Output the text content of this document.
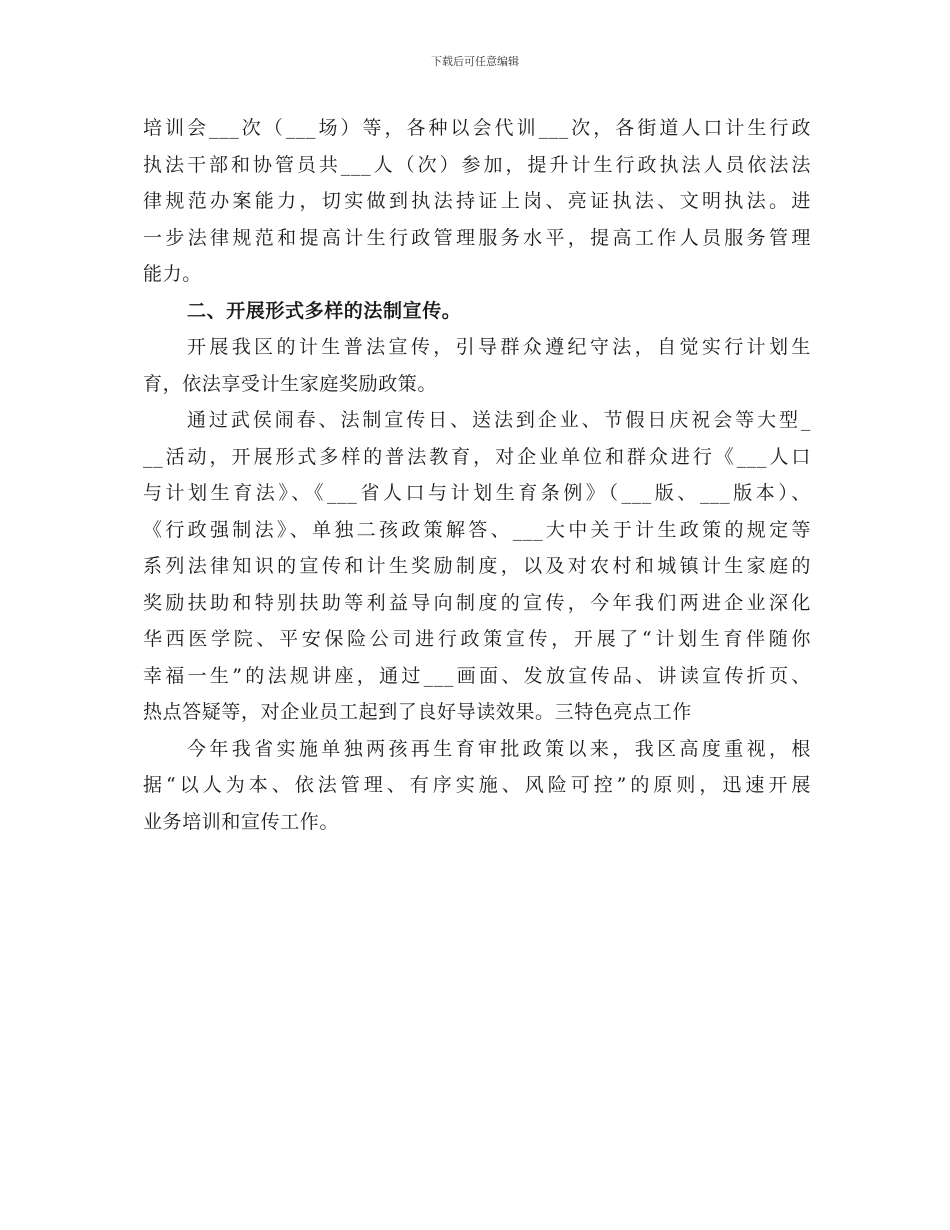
下载后可任意编辑
培训会___次（___场）等，各种以会代训___次，各街道人口计生行政
执法干部和协管员共___人（次）参加，提升计生行政执法人员依法法
律规范办案能力，切实做到执法持证上岗、亮证执法、文明执法。进
一步法律规范和提高计生行政管理服务水平，提高工作人员服务管理
能力。
二、开展形式多样的法制宣传。
开展我区的计生普法宣传，引导群众遵纪守法，自觉实行计划生
育，依法享受计生家庭奖励政策。
通过武侯闹春、法制宣传日、送法到企业、节假日庆祝会等大型_
__活动，开展形式多样的普法教育，对企业单位和群众进行《___人口
与计划生育法》、《___省人口与计划生育条例》（___版、___版本）、
《行政强制法》、单独二孩政策解答、___大中关于计生政策的规定等
系列法律知识的宣传和计生奖励制度，以及对农村和城镇计生家庭的
奖励扶助和特别扶助等利益导向制度的宣传，今年我们两进企业深化
华西医学院、平安保险公司进行政策宣传，开展了“计划生育伴随你
幸福一生”的法规讲座，通过___画面、发放宣传品、讲读宣传折页、
热点答疑等，对企业员工起到了良好导读效果。三特色亮点工作
今年我省实施单独两孩再生育审批政策以来，我区高度重视，根
据“以人为本、依法管理、有序实施、风险可控”的原则，迅速开展
业务培训和宣传工作。
